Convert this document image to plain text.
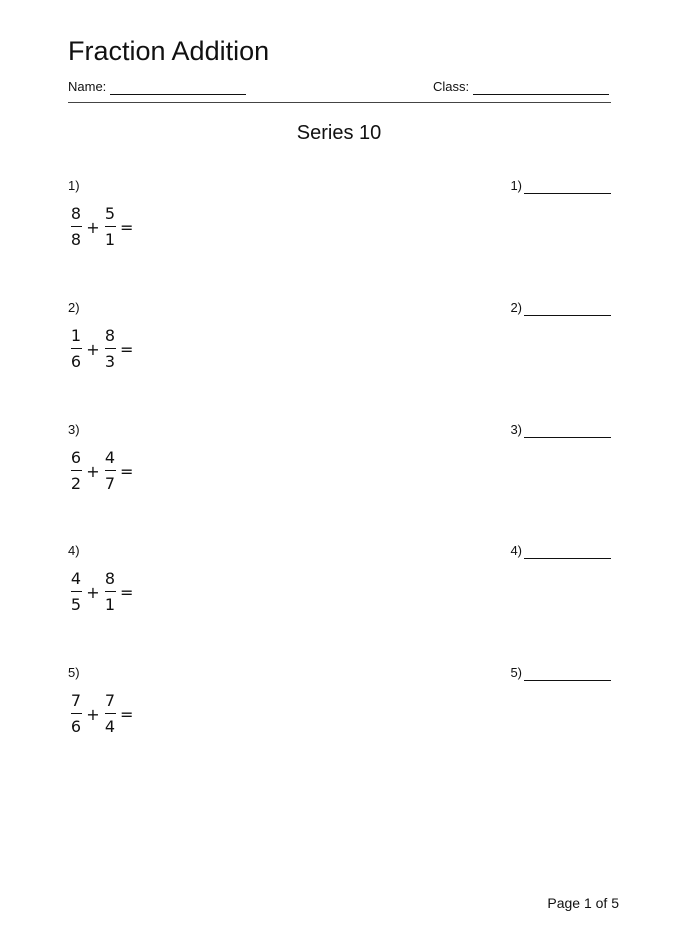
Fraction Addition
Name:	Class:
Series 10
1)	1)
$\frac{8}{8} + \frac{5}{1}$ =
2)	2)
$\frac{1}{6} + \frac{8}{3}$ =
3)	3)
$\frac{6}{2} + \frac{4}{7}$ =
4)	4)
$\frac{4}{5} + \frac{8}{1}$ =
5)	5)
$\frac{7}{6} + \frac{7}{4}$ =
Page 1 of 5
